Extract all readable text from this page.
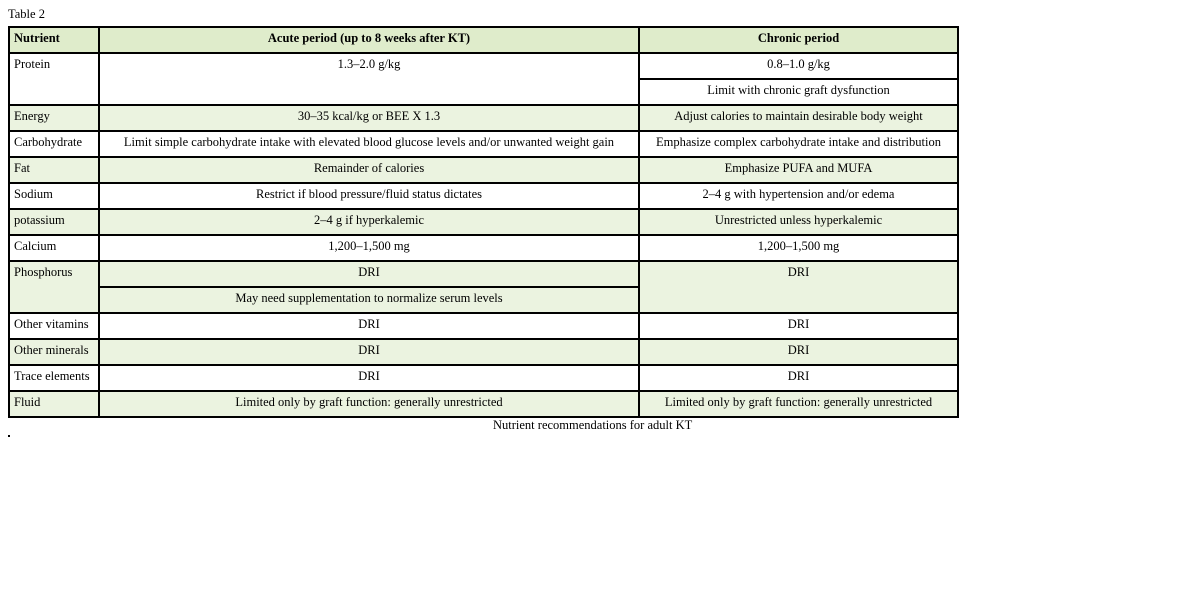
Table 2
Nutrient	Acute period (up to 8 weeks after KT)	Chronic period
Protein	1.3–2.0 g/kg	0.8–1.0 g/kg
		Limit with chronic graft dysfunction
Energy	30–35 kcal/kg or BEE X 1.3	Adjust calories to maintain desirable body weight
Carbohydrate	Limit simple carbohydrate intake with elevated blood glucose levels and/or unwanted weight gain	Emphasize complex carbohydrate intake and distribution
Fat	Remainder of calories	Emphasize PUFA and MUFA
Sodium	Restrict if blood pressure/fluid status dictates	2–4 g with hypertension and/or edema
potassium	2–4 g if hyperkalemic	Unrestricted unless hyperkalemic
Calcium	1,200–1,500 mg	1,200–1,500 mg
Phosphorus	DRI	DRI
	May need supplementation to normalize serum levels	
Other vitamins	DRI	DRI
Other minerals	DRI	DRI
Trace elements	DRI	DRI
Fluid	Limited only by graft function: generally unrestricted	Limited only by graft function: generally unrestricted
Nutrient recommendations for adult KT
